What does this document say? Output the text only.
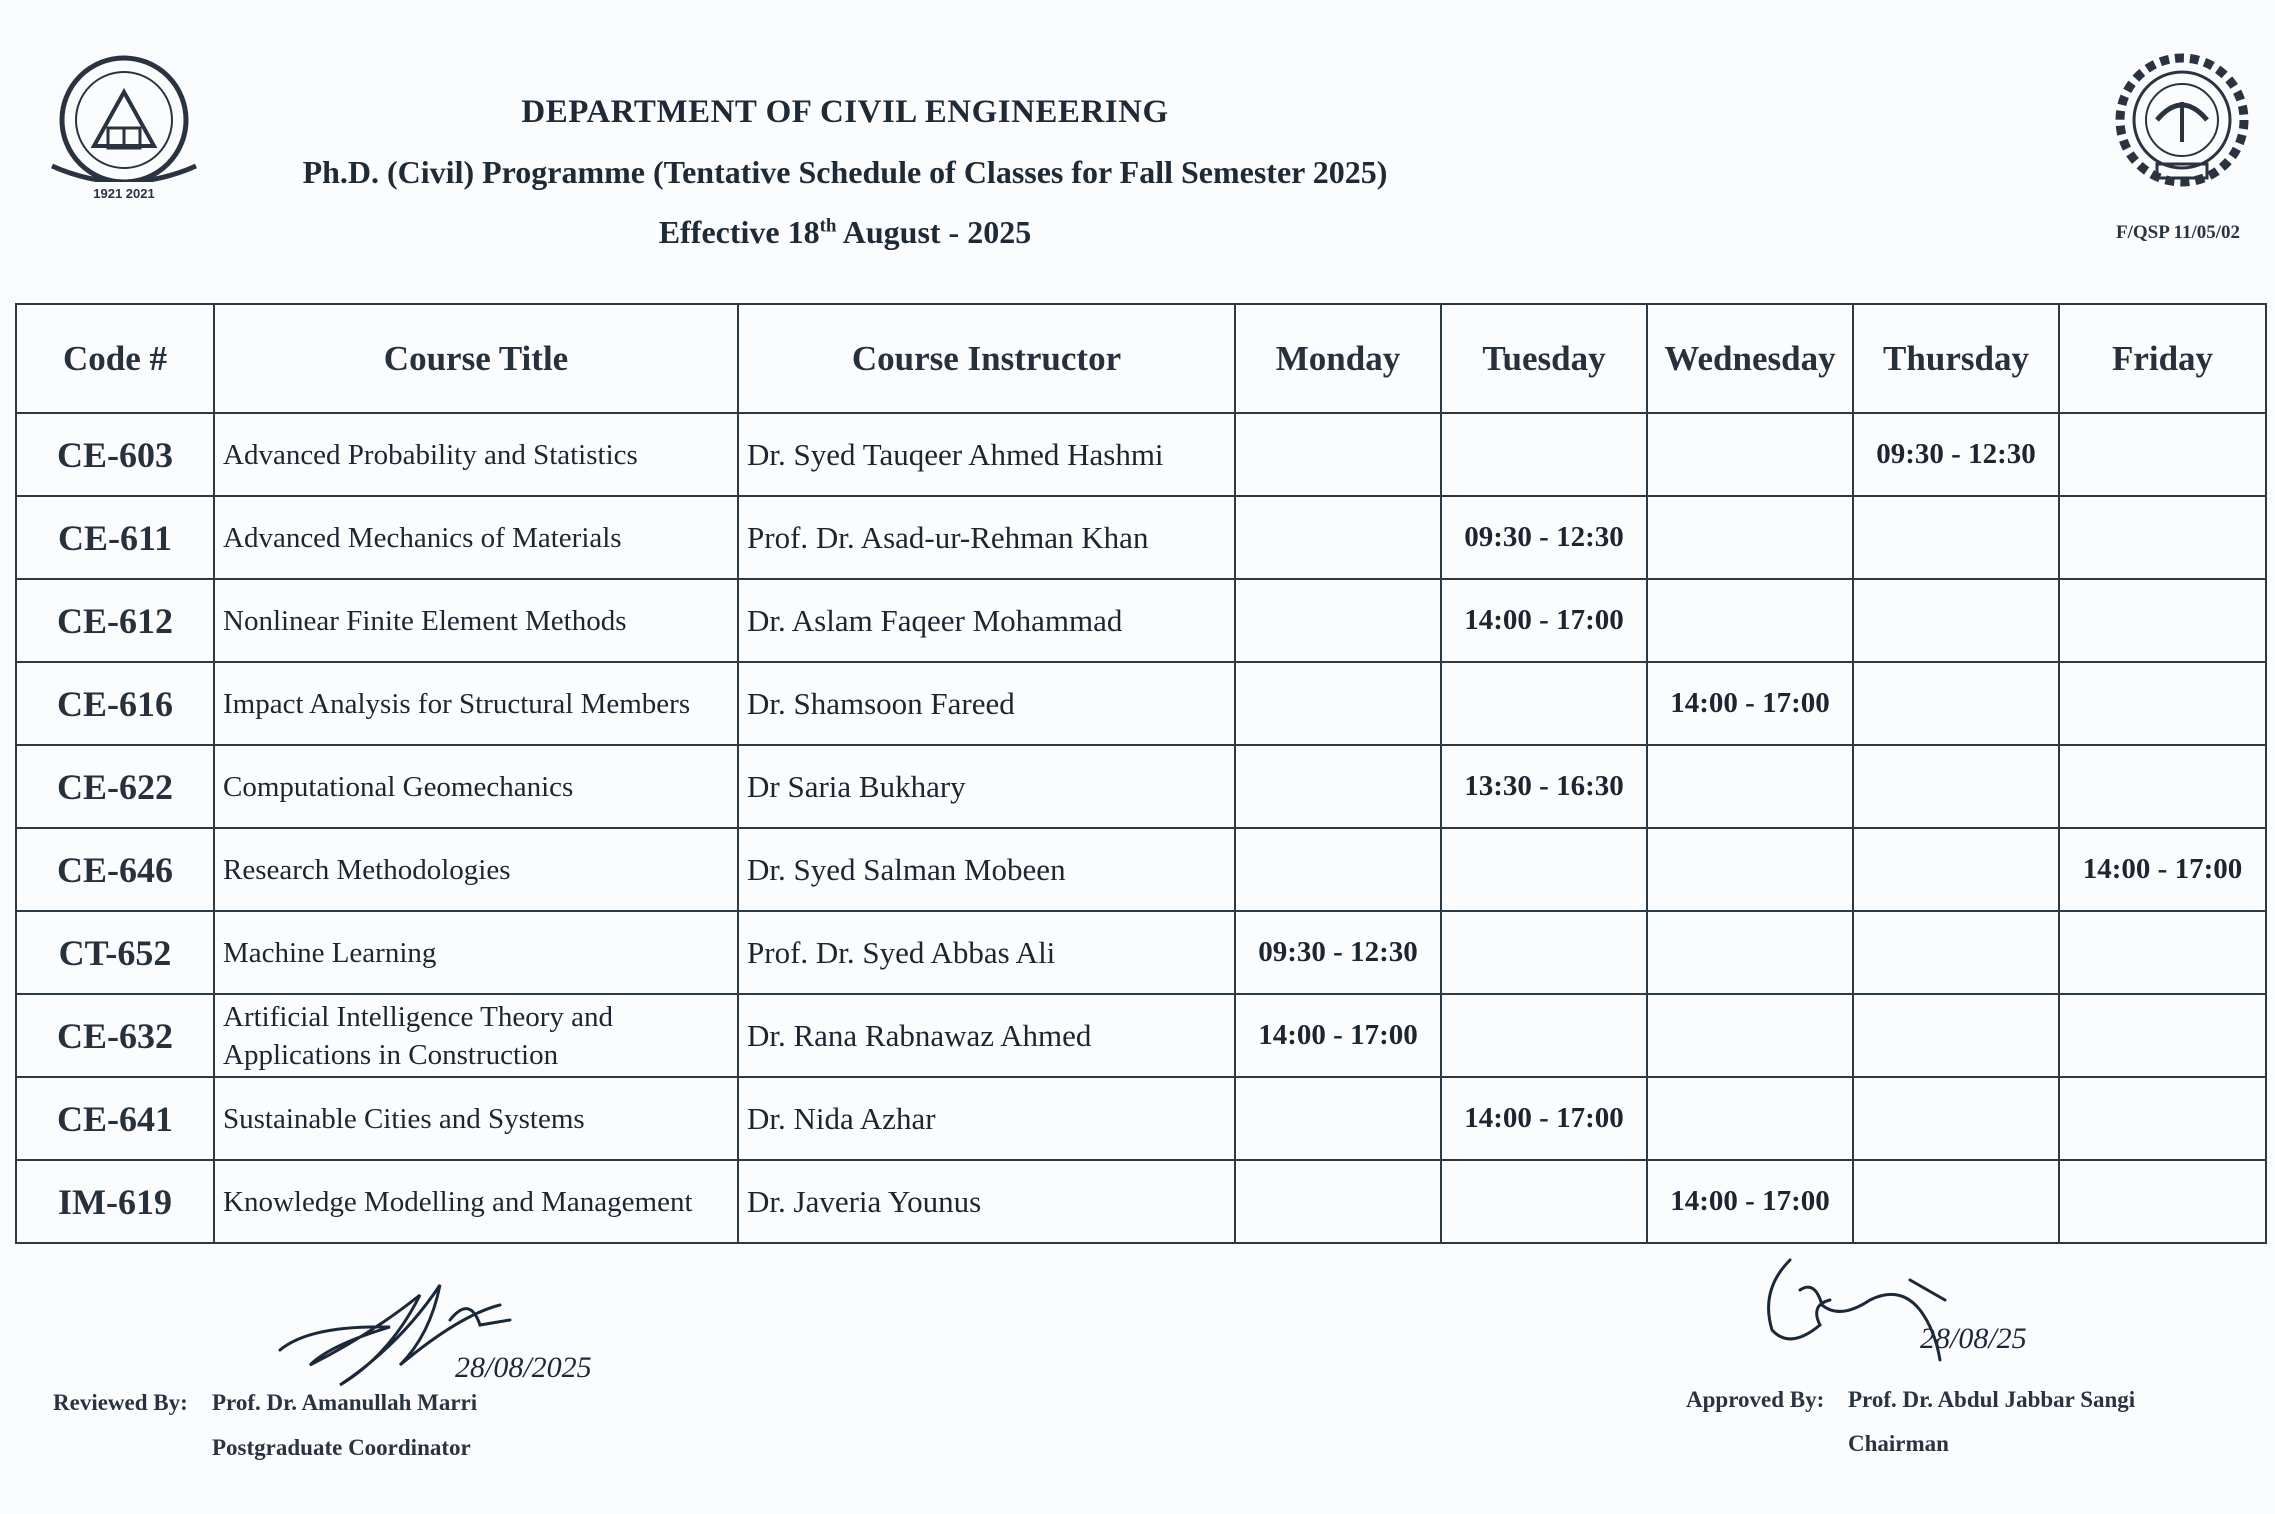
1921 2021
DEPARTMENT OF CIVIL ENGINEERING
Ph.D. (Civil) Programme (Tentative Schedule of Classes for Fall Semester 2025)
Effective 18th August - 2025	F/QSP 11/05/02
Code #	Course Title	Course Instructor	Monday	Tuesday	Wednesday	Thursday	Friday
CE-603	Advanced Probability and Statistics	Dr. Syed Tauqeer Ahmed Hashmi				09:30 - 12:30	
CE-611	Advanced Mechanics of Materials	Prof. Dr. Asad-ur-Rehman Khan		09:30 - 12:30			
CE-612	Nonlinear Finite Element Methods	Dr. Aslam Faqeer Mohammad		14:00 - 17:00			
CE-616	Impact Analysis for Structural Members	Dr. Shamsoon Fareed			14:00 - 17:00		
CE-622	Computational Geomechanics	Dr Saria Bukhary		13:30 - 16:30			
CE-646	Research Methodologies	Dr. Syed Salman Mobeen					14:00 - 17:00
CT-652	Machine Learning	Prof. Dr. Syed Abbas Ali	09:30 - 12:30				
CE-632	Artificial Intelligence Theory and Applications in Construction	Dr. Rana Rabnawaz Ahmed	14:00 - 17:00				
CE-641	Sustainable Cities and Systems	Dr. Nida Azhar		14:00 - 17:00			
IM-619	Knowledge Modelling and Management	Dr. Javeria Younus			14:00 - 17:00		
28/08/2025
Reviewed By: Prof. Dr. Amanullah Marri
Postgraduate Coordinator
28/08/25
Approved By: Prof. Dr. Abdul Jabbar Sangi
Chairman
